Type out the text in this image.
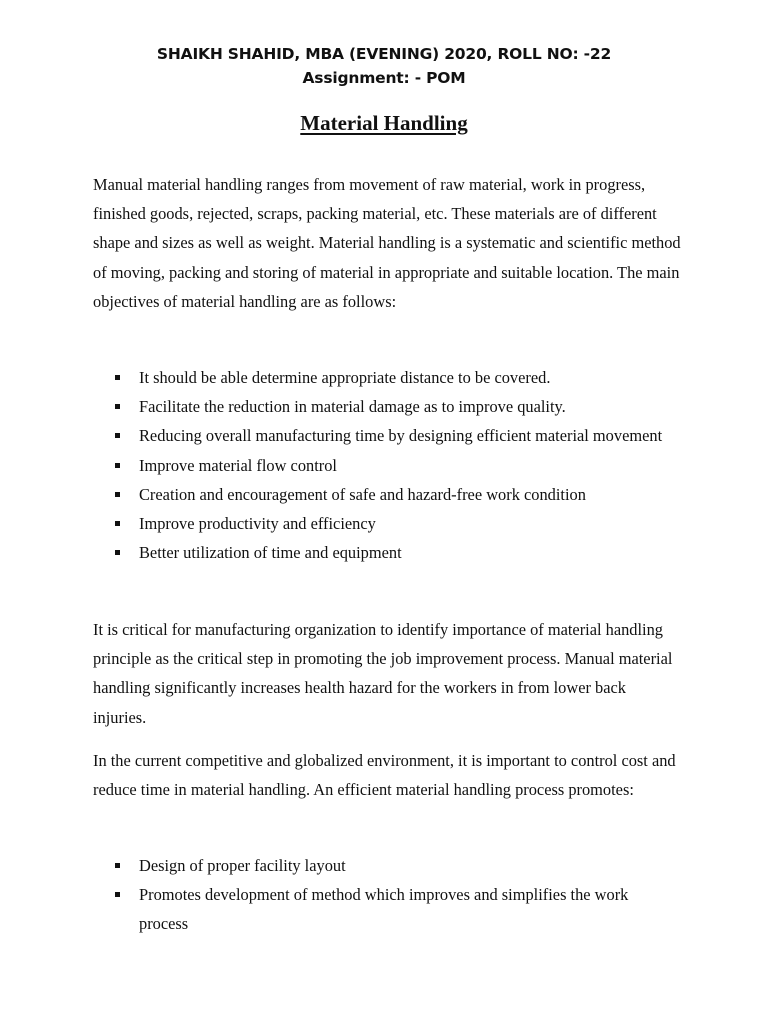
SHAIKH SHAHID, MBA (EVENING) 2020, ROLL NO: -22
Assignment: - POM
Material Handling

Manual material handling ranges from movement of raw material, work in progress, finished goods, rejected, scraps, packing material, etc. These materials are of different shape and sizes as well as weight. Material handling is a systematic and scientific method of moving, packing and storing of material in appropriate and suitable location. The main objectives of material handling are as follows:

It should be able determine appropriate distance to be covered.
Facilitate the reduction in material damage as to improve quality.
Reducing overall manufacturing time by designing efficient material movement
Improve material flow control
Creation and encouragement of safe and hazard-free work condition
Improve productivity and efficiency
Better utilization of time and equipment

It is critical for manufacturing organization to identify importance of material handling principle as the critical step in promoting the job improvement process. Manual material handling significantly increases health hazard for the workers in from lower back injuries.

In the current competitive and globalized environment, it is important to control cost and reduce time in material handling. An efficient material handling process promotes:

Design of proper facility layout
Promotes development of method which improves and simplifies the work process
